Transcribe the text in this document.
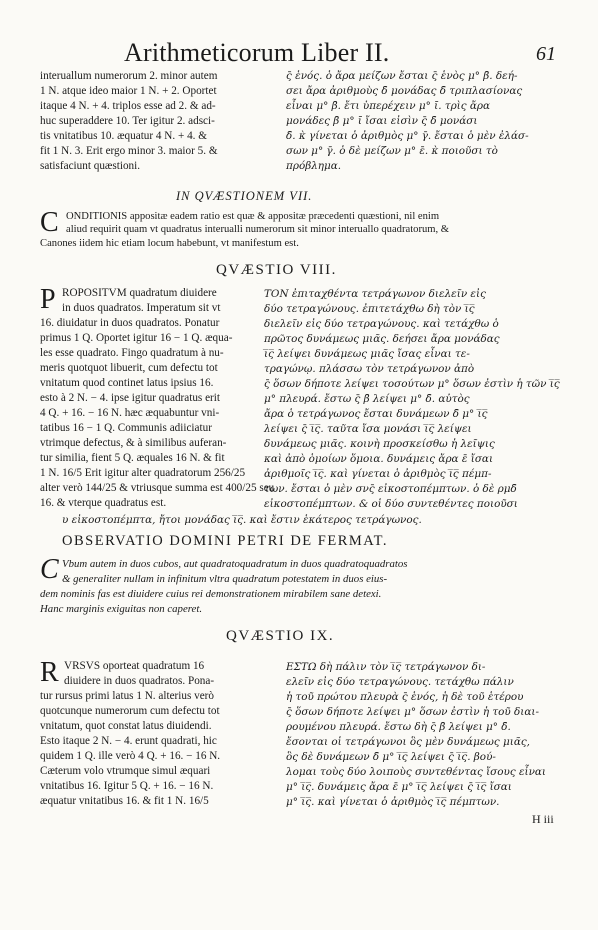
Arithmeticorum Liber II.	61
interuallum numerorum 2. minor autem
1 N. atque ideo maior 1 N. + 2. Oportet
itaque 4 N. + 4. triplos esse ad 2. & ad-
huc superaddere 10. Ter igitur 2. adsci-
tis vnitatibus 10. æquatur 4 N. + 4. &
fit 1 N. 3. Erit ergo minor 3. maior 5. &
satisfaciunt quæstioni.
ς̄ ἑνός. ὁ ἄρα μείζων ἔσται ς̄ ἑνὸς μ° β̄. δεή-
σει ἄρα ἀριθμοὺς δ̄ μονάδας δ̄ τριπλασίονας
εἶναι μ° β̄. ἔτι ὑπερέχειν μ° ῑ. τρὶς ἄρα
μονάδες β̄ μ° ῑ ἴσαι εἰσὶν ς̄ δ̄ μονάσι
δ̄. κ̀ γίνεται ὁ ἀριθμὸς μ° γ̄. ἔσται ὁ μὲν ἐλάσ-
σων μ° γ̄. ὁ δὲ μείζων μ° ε̄. κ̀ ποιοῦσι τὸ
πρόβλημα.
IN QVÆSTIONEM VII.
C ONDITIONIS appositæ eadem ratio est quæ & appositæ præcedenti quæstioni, nil enim
aliud requirit quam vt quadratus interualli numerorum sit minor interuallo quadratorum, &
Canones iidem hic etiam locum habebunt, vt manifestum est.
QVÆSTIO VIII.
P ROPOSITVM quadratum diuidere
in duos quadratos. Imperatum sit vt
16. diuidatur in duos quadratos. Ponatur
primus 1 Q. Oportet igitur 16 − 1 Q. æqua-
les esse quadrato. Fingo quadratum à nu-
meris quotquot libuerit, cum defectu tot
vnitatum quod continet latus ipsius 16.
esto à 2 N. − 4. ipse igitur quadratus erit
4 Q. + 16. − 16 N. hæc æquabuntur vni-
tatibus 16 − 1 Q. Communis adiiciatur
vtrimque defectus, & à similibus auferan-
tur similia, fient 5 Q. æquales 16 N. & fit
1 N. 16/5 Erit igitur alter quadratorum 256/25
alter verò 144/25 & vtriusque summa est 400/25 seu
16. & vterque quadratus est.
ΤΟΝ ἐπιταχθέντα τετράγωνον διελεῖν εἰς
δύο τετραγώνους. ἐπιτετάχθω δὴ τὸν ι̅ς̅
διελεῖν εἰς δύο τετραγώνους. καὶ τετάχθω ὁ
πρῶτος δυνάμεως μιᾶς. δεήσει ἄρα μονάδας
ι̅ς̅ λείψει δυνάμεως μιᾶς ἴσας εἶναι τε-
τραγώνῳ. πλάσσω τὸν τετράγωνον ἀπὸ
ς̄ ὅσων δήποτε λείψει τοσούτων μ° ὅσων ἐστὶν ἡ τῶν ι̅ς̅
μ° πλευρά. ἔστω ς̄ β̄ λείψει μ° δ̄. αὐτὸς
ἄρα ὁ τετράγωνος ἔσται δυνάμεων δ̄ μ° ι̅ς̅
λείψει ς̄ ι̅ς̅. ταῦτα ἴσα μονάσι ι̅ς̅ λείψει
δυνάμεως μιᾶς. κοινὴ προσκείσθω ἡ λεῖψις
καὶ ἀπὸ ὁμοίων ὅμοια. δυνάμεις ἄρα ε̄ ἴσαι
ἀριθμοῖς ι̅ς̅. καὶ γίνεται ὁ ἀριθμὸς ι̅ς̅ πέμπ-
των. ἔσται ὁ μὲν σνς̄ εἰκοστοπέμπτων. ὁ δὲ ρμδ̄
εἰκοστοπέμπτων. & οἱ δύο συντεθέντες ποιοῦσι
υ εἰκοστοπέμπτα, ἤτοι μονάδας ι̅ς̅. καὶ ἔστιν ἑκάτερος τετράγωνος.
OBSERVATIO DOMINI PETRI DE FERMAT.
C Vbum autem in duos cubos, aut quadratoquadratum in duos quadratoquadratos
& generaliter nullam in infinitum vltra quadratum potestatem in duos eius-
dem nominis fas est diuidere cuius rei demonstrationem mirabilem sane detexi.
Hanc marginis exiguitas non caperet.
QVÆSTIO IX.
R VRSVS oporteat quadratum 16
diuidere in duos quadratos. Pona-
tur rursus primi latus 1 N. alterius verò
quotcunque numerorum cum defectu tot
vnitatum, quot constat latus diuidendi.
Esto itaque 2 N. − 4. erunt quadrati, hic
quidem 1 Q. ille verò 4 Q. + 16. − 16 N.
Cæterum volo vtrumque simul æquari
vnitatibus 16. Igitur 5 Q. + 16. − 16 N.
æquatur vnitatibus 16. & fit 1 N. 16/5
ΕΣΤΩ δὴ πάλιν τὸν ι̅ς̅ τετράγωνον δι-
ελεῖν εἰς δύο τετραγώνους. τετάχθω πάλιν
ἡ τοῦ πρώτου πλευρὰ ς̄ ἑνός, ἡ δὲ τοῦ ἑτέρου
ς̄ ὅσων δήποτε λείψει μ° ὅσων ἐστὶν ἡ τοῦ διαι-
ρουμένου πλευρά. ἔστω δὴ ς̄ β̄ λείψει μ° δ̄.
ἔσονται οἱ τετράγωνοι ὃς μὲν δυνάμεως μιᾶς,
ὃς δὲ δυνάμεων δ̄ μ° ι̅ς̅ λείψει ς̄ ι̅ς̅. βού-
λομαι τοὺς δύο λοιποὺς συντεθέντας ἴσους εἶναι
μ° ι̅ς̅. δυνάμεις ἄρα ε̄ μ° ι̅ς̅ λείψει ς̄ ι̅ς̅ ἴσαι
μ° ι̅ς̅. καὶ γίνεται ὁ ἀριθμὸς ι̅ς̅ πέμπτων.
H iii
